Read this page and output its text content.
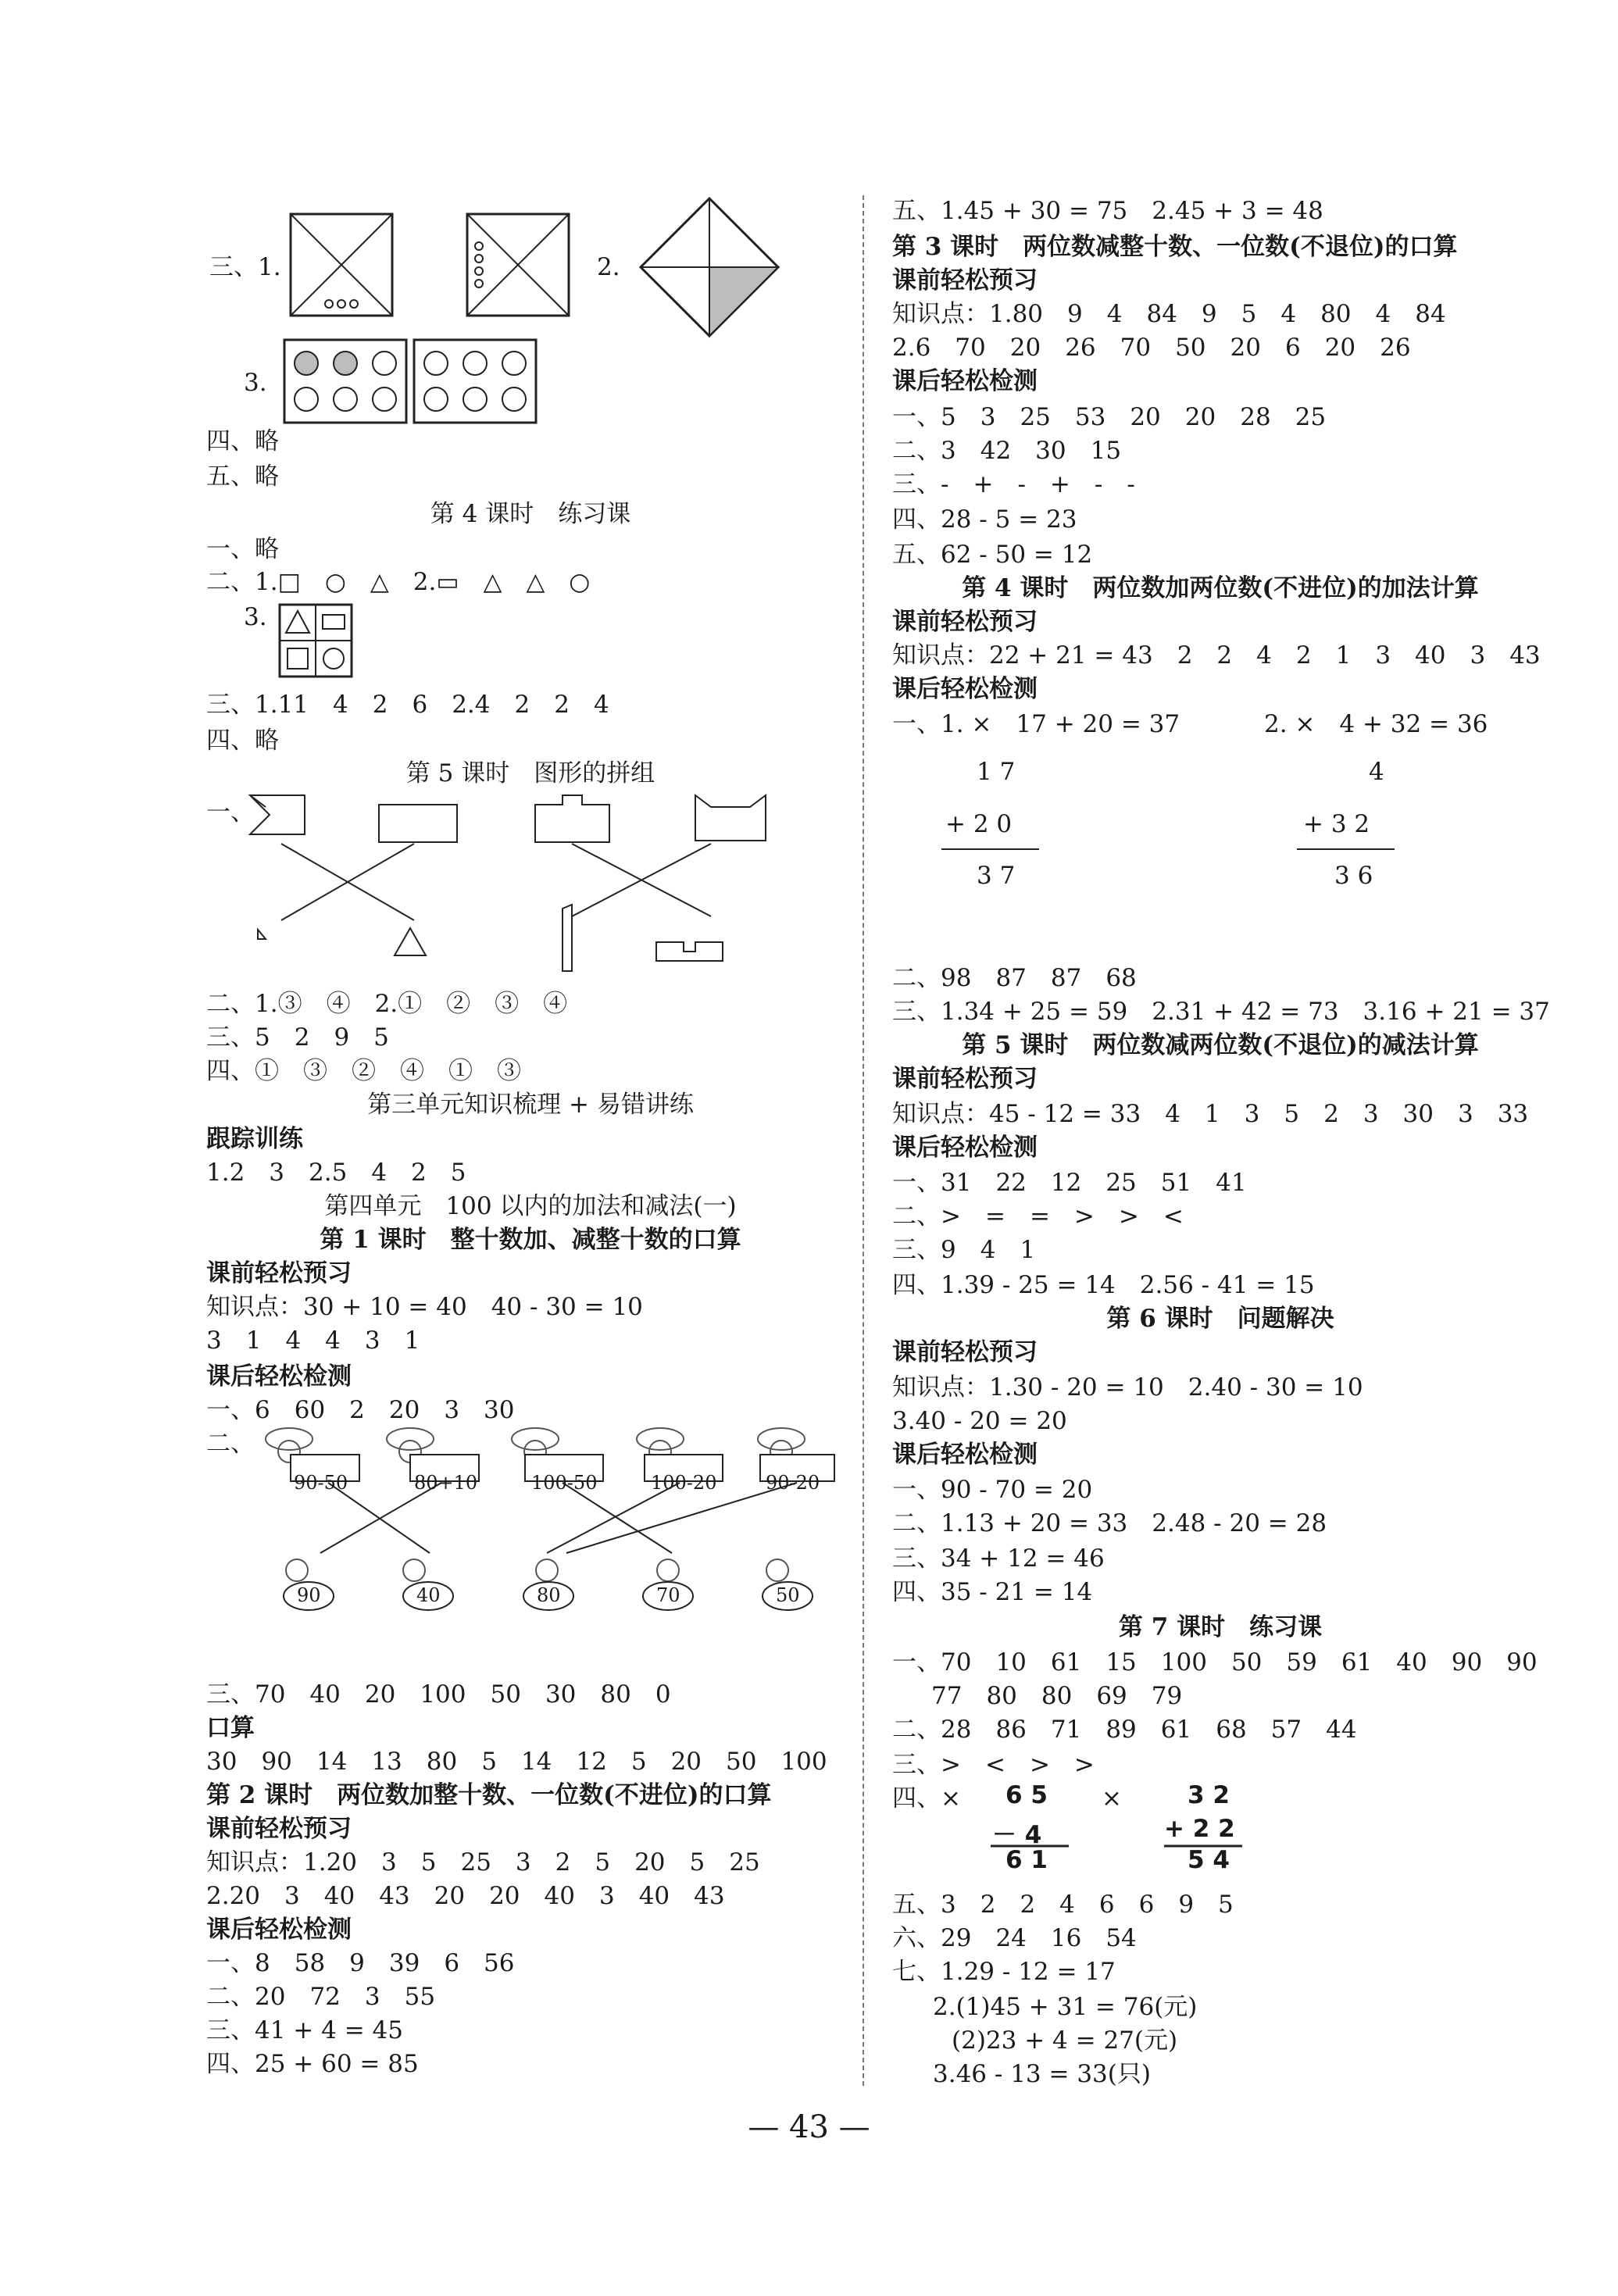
三、1.	2.
3.
四、略
五、略
第 4 课时　练习课
一、略
二、1.□　○　△　2.▭　△　△　○
3.
三、1.11　4　2　6　2.4　2　2　4
四、略
第 5 课时　图形的拼组
一、
二、1.③　④　2.①　②　③　④
三、5　2　9　5
四、①　③　②　④　①　③
第三单元知识梳理 + 易错讲练
跟踪训练
1.2　3　2.5　4　2　5
第四单元　100 以内的加法和减法(一)
第 1 课时　整十数加、减整十数的口算
课前轻松预习
知识点：30 + 10 = 40　40 - 30 = 10
3　1　4　4　3　1
课后轻松检测
一、6　60　2　20　3　30
二、
90-50	80+10	100-50	100-20	90-20
90	40	80	70	50
三、70　40　20　100　50　30　80　0
口算
30　90　14　13　80　5　14　12　5　20　50　100
第 2 课时　两位数加整十数、一位数(不进位)的口算
课前轻松预习
知识点：1.20　3　5　25　3　2　5　20　5　25
2.20　3　40　43　20　20　40　3　40　43
课后轻松检测
一、8　58　9　39　6　56
二、20　72　3　55
三、41 + 4 = 45
四、25 + 60 = 85
五、1.45 + 30 = 75　2.45 + 3 = 48
第 3 课时　两位数减整十数、一位数(不退位)的口算
课前轻松预习
知识点：1.80　9　4　84　9　5　4　80　4　84
2.6　70　20　26　70　50　20　6　20　26
课后轻松检测
一、5　3　25　53　20　20　28　25
二、3　42　30　15
三、-　+　-　+　-　-
四、28 - 5 = 23
五、62 - 50 = 12
第 4 课时　两位数加两位数(不进位)的加法计算
课前轻松预习
知识点：22 + 21 = 43　2　2　4　2　1　3　40　3　43
课后轻松检测
一、1. ×　17 + 20 = 37	2. ×　4 + 32 = 36
1 7
+ 2 0
3 7
4
+ 3 2
3 6
二、98　87　87　68
三、1.34 + 25 = 59　2.31 + 42 = 73　3.16 + 21 = 37
第 5 课时　两位数减两位数(不退位)的减法计算
课前轻松预习
知识点：45 - 12 = 33　4　1　3　5　2　3　30　3　33
课后轻松检测
一、31　22　12　25　51　41
二、>　=　=　>　>　<
三、9　4　1
四、1.39 - 25 = 14　2.56 - 41 = 15
第 6 课时　问题解决
课前轻松预习
知识点：1.30 - 20 = 10　2.40 - 30 = 10
3.40 - 20 = 20
课后轻松检测
一、90 - 70 = 20
二、1.13 + 20 = 33　2.48 - 20 = 28
三、34 + 12 = 46
四、35 - 21 = 14
第 7 课时　练习课
一、70　10　61　15　100　50　59　61　40　90　90
77　80　80　69　79
二、28　86　71　89　61　68　57　44
三、>　<　>　>
四、×	×
6 5
－ 4
6 1
3 2
+ 2 2
5 4
五、3　2　2　4　6　6　9　5
六、29　24　16　54
七、1.29 - 12 = 17
2.(1)45 + 31 = 76(元)
(2)23 + 4 = 27(元)
3.46 - 13 = 33(只)
— 43 —
